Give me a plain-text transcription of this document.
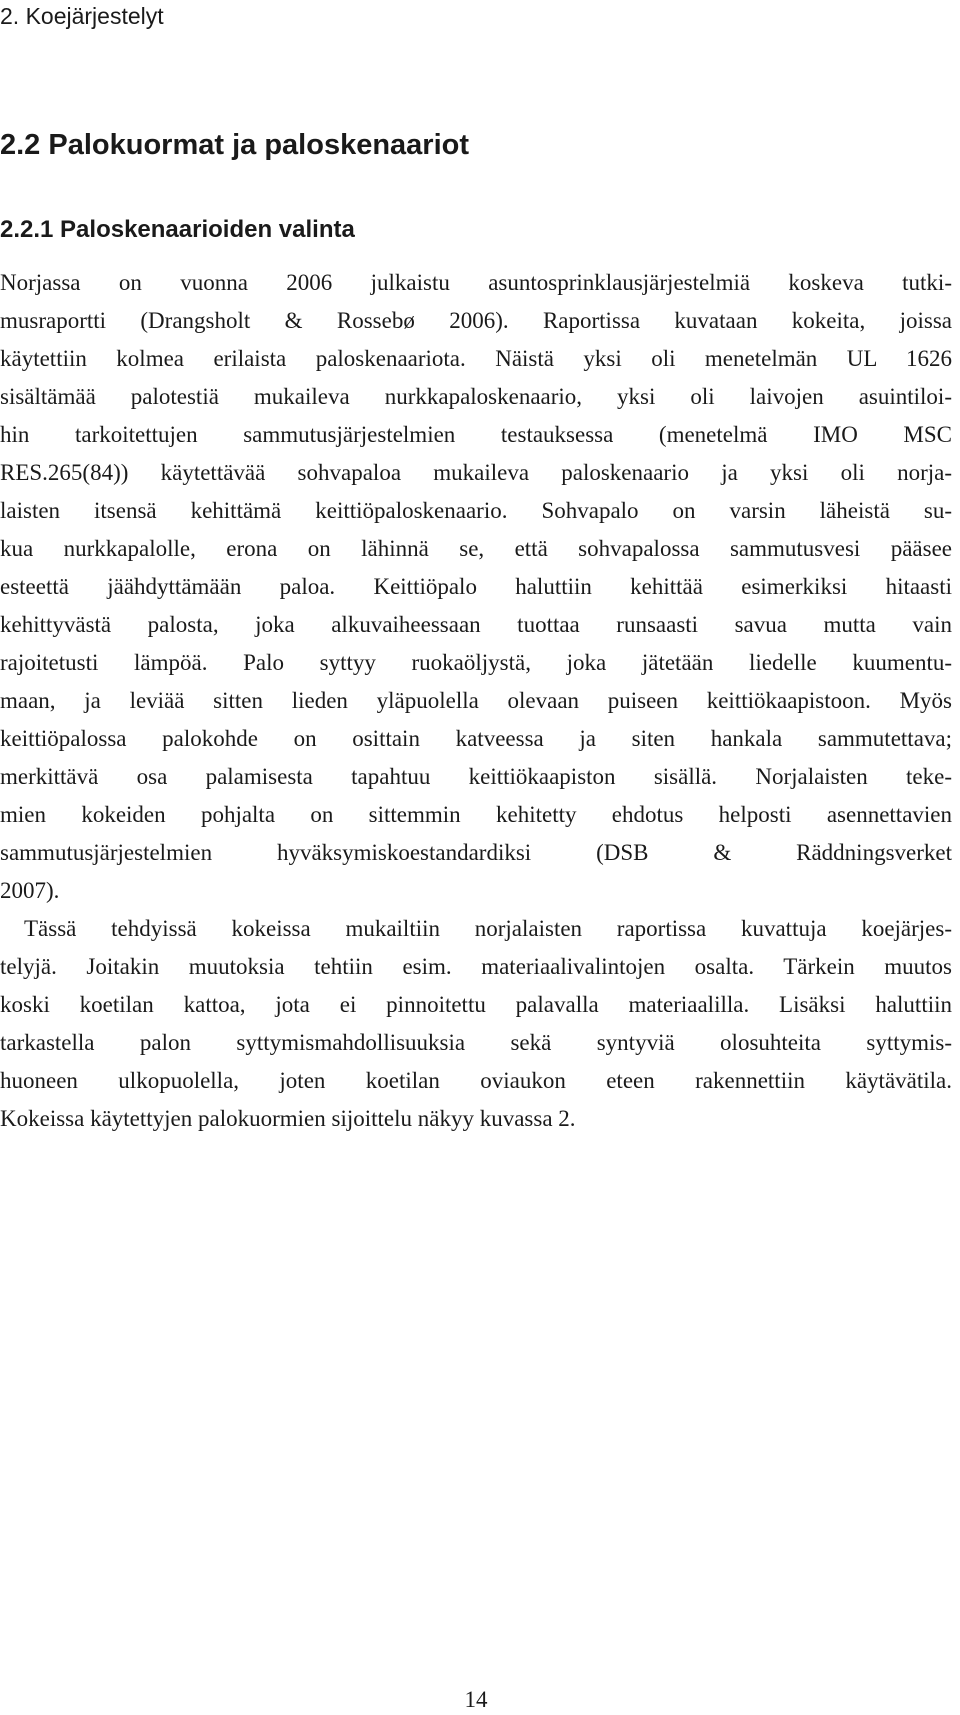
2. Koejärjestelyt
2.2 Palokuormat ja paloskenaariot
2.2.1 Paloskenaarioiden valinta
Norjassa on vuonna 2006 julkaistu asuntosprinklausjärjestelmiä koskeva tutki-
musraportti (Drangsholt & Rossebø 2006). Raportissa kuvataan kokeita, joissa
käytettiin kolmea erilaista paloskenaariota. Näistä yksi oli menetelmän UL 1626
sisältämää palotestiä mukaileva nurkkapaloskenaario, yksi oli laivojen asuintiloi-
hin tarkoitettujen sammutusjärjestelmien testauksessa (menetelmä IMO MSC
RES.265(84)) käytettävää sohvapaloa mukaileva paloskenaario ja yksi oli norja-
laisten itsensä kehittämä keittiöpaloskenaario. Sohvapalo on varsin läheistä su-
kua nurkkapalolle, erona on lähinnä se, että sohvapalossa sammutusvesi pääsee
esteettä jäähdyttämään paloa. Keittiöpalo haluttiin kehittää esimerkiksi hitaasti
kehittyvästä palosta, joka alkuvaiheessaan tuottaa runsaasti savua mutta vain
rajoitetusti lämpöä. Palo syttyy ruokaöljystä, joka jätetään liedelle kuumentu-
maan, ja leviää sitten lieden yläpuolella olevaan puiseen keittiökaapistoon. Myös
keittiöpalossa palokohde on osittain katveessa ja siten hankala sammutettava;
merkittävä osa palamisesta tapahtuu keittiökaapiston sisällä. Norjalaisten teke-
mien kokeiden pohjalta on sittemmin kehitetty ehdotus helposti asennettavien
sammutusjärjestelmien hyväksymiskoestandardiksi (DSB & Räddningsverket
2007).
Tässä tehdyissä kokeissa mukailtiin norjalaisten raportissa kuvattuja koejärjes-
telyjä. Joitakin muutoksia tehtiin esim. materiaalivalintojen osalta. Tärkein muutos
koski koetilan kattoa, jota ei pinnoitettu palavalla materiaalilla. Lisäksi haluttiin
tarkastella palon syttymismahdollisuuksia sekä syntyviä olosuhteita syttymis-
huoneen ulkopuolella, joten koetilan oviaukon eteen rakennettiin käytävätila.
Kokeissa käytettyjen palokuormien sijoittelu näkyy kuvassa 2.
14
